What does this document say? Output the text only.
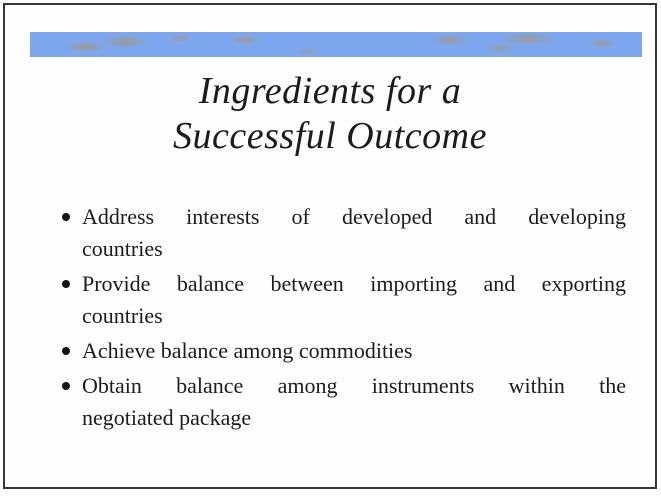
Ingredients for a
Successful Outcome
Address interests of developed and developing
countries
Provide balance between importing and exporting
countries
Achieve balance among commodities
Obtain balance among instruments within the
negotiated package
